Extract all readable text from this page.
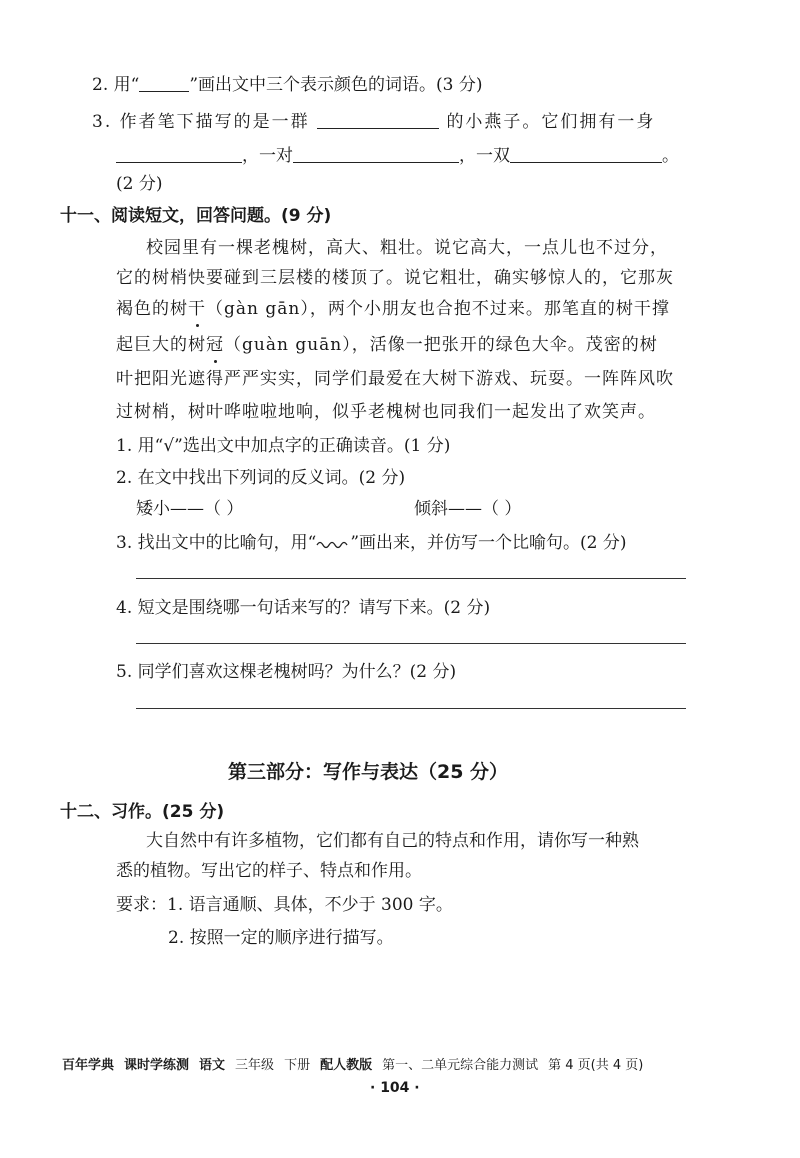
2. 用“	”画出文中三个表示颜色的词语。(3 分)
3. 作者笔下描写的是一群	的小燕子。它们拥有一身
，一对	，一双	。
(2 分)
十一、阅读短文，回答问题。(9 分)
校园里有一棵老槐树，高大、粗壮。说它高大，一点儿也不过分，
它的树梢快要碰到三层楼的楼顶了。说它粗壮，确实够惊人的，它那灰
褐色的树干（gàn gān），两个小朋友也合抱不过来。那笔直的树干撑
起巨大的树冠（guàn guān），活像一把张开的绿色大伞。茂密的树
叶把阳光遮得严严实实，同学们最爱在大树下游戏、玩耍。一阵阵风吹
过树梢，树叶哗啦啦地响，似乎老槐树也同我们一起发出了欢笑声。
1. 用“√”选出文中加点字的正确读音。(1 分)
2. 在文中找出下列词的反义词。(2 分)
矮小——（ ）	倾斜——（ ）
3. 找出文中的比喻句，用“ ”画出来，并仿写一个比喻句。(2 分)
4. 短文是围绕哪一句话来写的？请写下来。(2 分)
5. 同学们喜欢这棵老槐树吗？为什么？(2 分)
第三部分：写作与表达（25 分）
十二、习作。(25 分)
大自然中有许多植物，它们都有自己的特点和作用，请你写一种熟
悉的植物。写出它的样子、特点和作用。
要求：1. 语言通顺、具体，不少于 300 字。
2. 按照一定的顺序进行描写。
百年学典 课时学练测 语文 三年级 下册 配人教版 第一、二单元综合能力测试 第 4 页(共 4 页)
· 104 ·
